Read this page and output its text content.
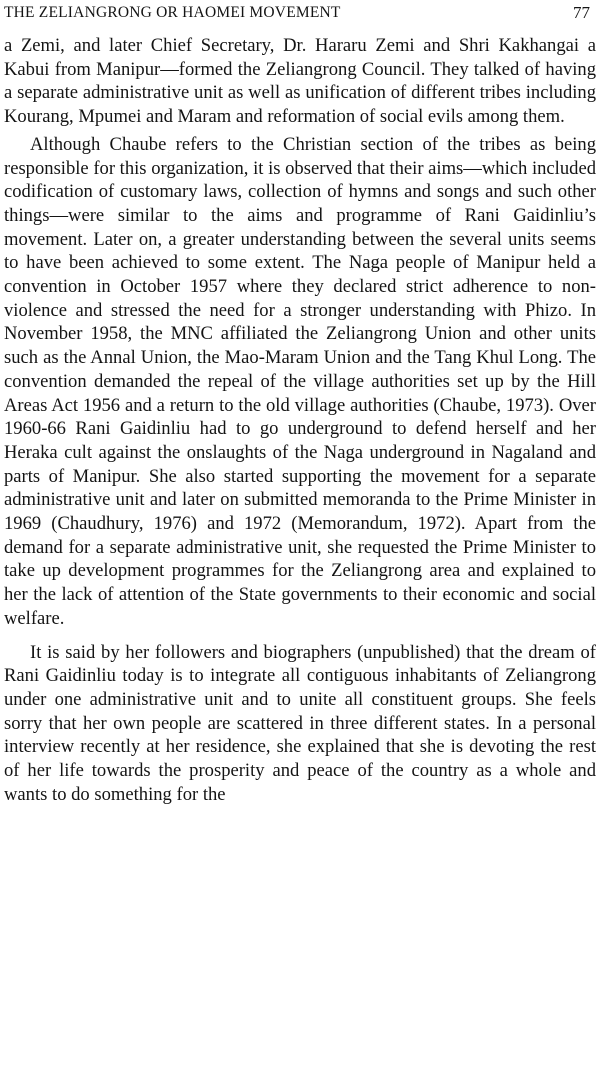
THE ZELIANGRONG OR HAOMEI MOVEMENT	77

a Zemi, and later Chief Secretary, Dr. Hararu Zemi and Shri Kakhangai a Kabui from Manipur—formed the Zeliangrong Council. They talked of having a separate administrative unit as well as unification of different tribes including Kourang, Mpumei and Maram and reformation of social evils among them.

Although Chaube refers to the Christian section of the tribes as being responsible for this organization, it is observed that their aims—which included codification of customary laws, collection of hymns and songs and such other things—were similar to the aims and programme of Rani Gaidinliu’s movement. Later on, a greater understanding between the several units seems to have been achieved to some extent. The Naga people of Manipur held a convention in October 1957 where they declared strict adherence to non-violence and stressed the need for a stronger understanding with Phizo. In November 1958, the MNC affiliated the Zeliangrong Union and other units such as the Annal Union, the Mao-Maram Union and the Tang Khul Long. The convention demanded the repeal of the village authorities set up by the Hill Areas Act 1956 and a return to the old village authorities (Chaube, 1973). Over 1960-66 Rani Gaidinliu had to go underground to defend herself and her Heraka cult against the onslaughts of the Naga underground in Nagaland and parts of Manipur. She also started supporting the movement for a separate administrative unit and later on submitted memoranda to the Prime Minister in 1969 (Chaudhury, 1976) and 1972 (Memorandum, 1972). Apart from the demand for a separate administrative unit, she requested the Prime Minister to take up development programmes for the Zeliangrong area and explained to her the lack of attention of the State governments to their economic and social welfare.

It is said by her followers and biographers (unpublished) that the dream of Rani Gaidinliu today is to integrate all contiguous inhabitants of Zeliangrong under one administrative unit and to unite all constituent groups. She feels sorry that her own people are scattered in three different states. In a personal interview recently at her residence, she explained that she is devoting the rest of her life towards the prosperity and peace of the country as a whole and wants to do something for the
